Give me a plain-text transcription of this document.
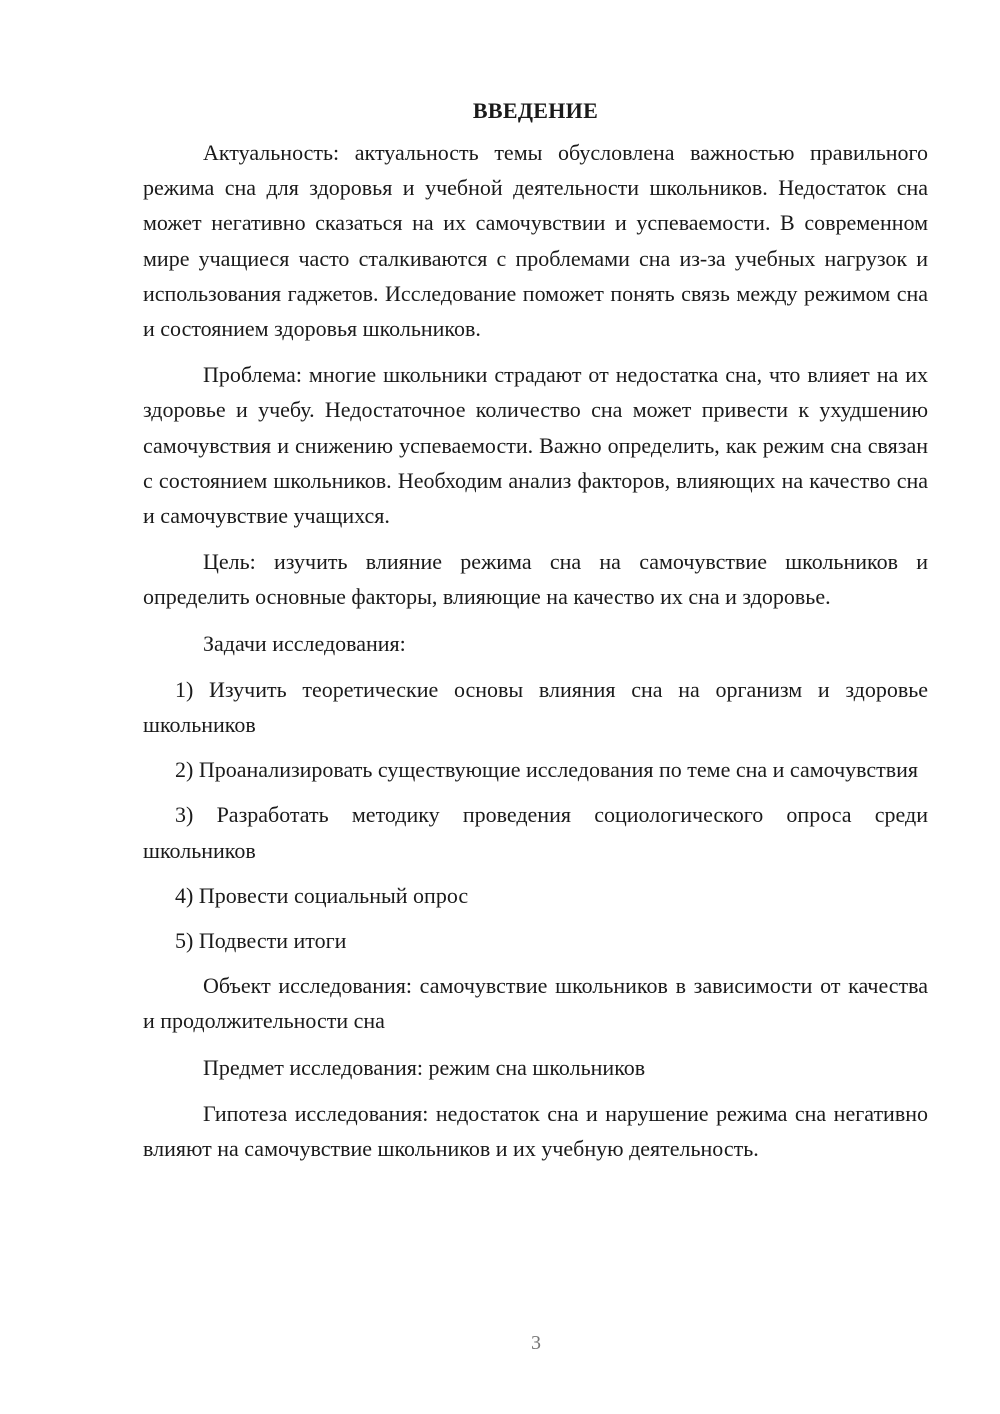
ВВЕДЕНИЕ

Актуальность: актуальность темы обусловлена важностью правильного режима сна для здоровья и учебной деятельности школьников. Недостаток сна может негативно сказаться на их самочувствии и успеваемости. В современном мире учащиеся часто сталкиваются с проблемами сна из-за учебных нагрузок и использования гаджетов. Исследование поможет понять связь между режимом сна и состоянием здоровья школьников.

Проблема: многие школьники страдают от недостатка сна, что влияет на их здоровье и учебу. Недостаточное количество сна может привести к ухудшению самочувствия и снижению успеваемости. Важно определить, как режим сна связан с состоянием школьников. Необходим анализ факторов, влияющих на качество сна и самочувствие учащихся.

Цель: изучить влияние режима сна на самочувствие школьников и определить основные факторы, влияющие на качество их сна и здоровье.

Задачи исследования:

1) Изучить теоретические основы влияния сна на организм и здоровье школьников

2) Проанализировать существующие исследования по теме сна и самочувствия

3) Разработать методику проведения социологического опроса среди школьников

4) Провести социальный опрос

5) Подвести итоги

Объект исследования: самочувствие школьников в зависимости от качества и продолжительности сна

Предмет исследования: режим сна школьников

Гипотеза исследования: недостаток сна и нарушение режима сна негативно влияют на самочувствие школьников и их учебную деятельность.

3
